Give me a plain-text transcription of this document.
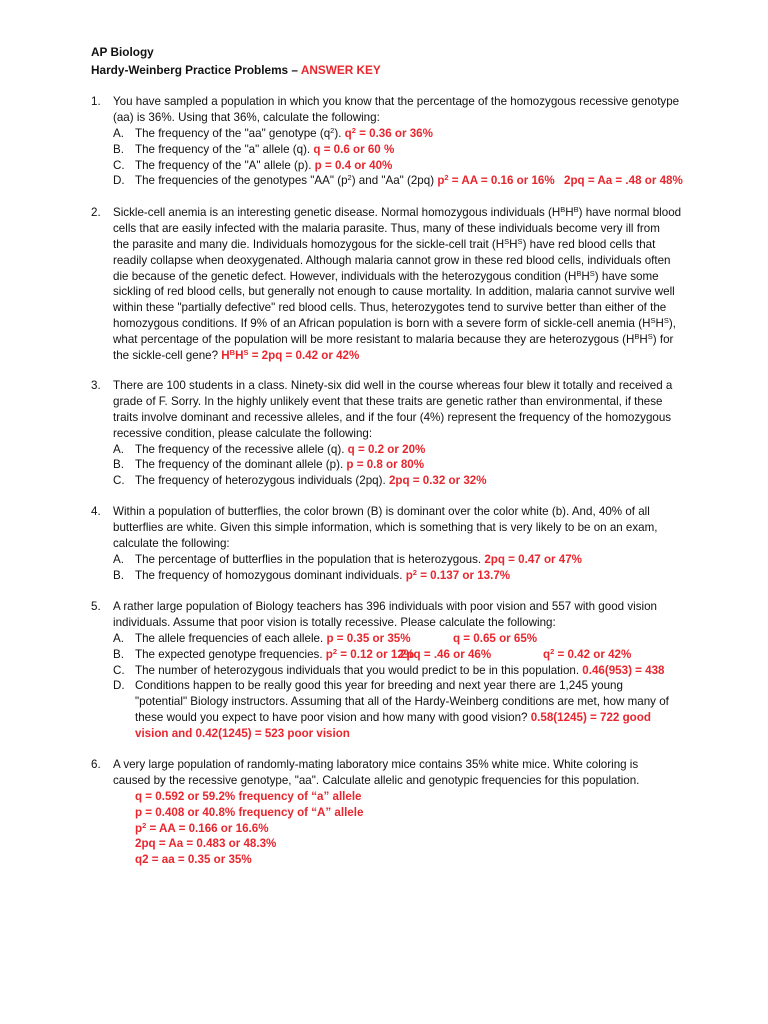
AP Biology
Hardy-Weinberg Practice Problems – ANSWER KEY
1. You have sampled a population in which you know that the percentage of the homozygous recessive genotype
(aa) is 36%. Using that 36%, calculate the following:
A. The frequency of the "aa" genotype $(q^2)$. $q^2 = 0.36$ or 36%
B. The frequency of the "a" allele (q). q = 0.6 or 60 %
C. The frequency of the "A" allele (p). p = 0.4 or 40%
D. The frequencies of the genotypes "AA" $(p^2)$ and "Aa" (2pq) $p^2$ = AA = 0.16 or 16% 2pq = Aa = .48 or 48%
2. Sickle-cell anemia is an interesting genetic disease. Normal homozygous individuals $(H^BH^B)$ have normal blood
cells that are easily infected with the malaria parasite. Thus, many of these individuals become very ill from
the parasite and many die. Individuals homozygous for the sickle-cell trait $(H^SH^S)$ have red blood cells that
readily collapse when deoxygenated. Although malaria cannot grow in these red blood cells, individuals often
die because of the genetic defect. However, individuals with the heterozygous condition $(H^BH^S)$ have some
sickling of red blood cells, but generally not enough to cause mortality. In addition, malaria cannot survive well
within these "partially defective" red blood cells. Thus, heterozygotes tend to survive better than either of the
homozygous conditions. If 9% of an African population is born with a severe form of sickle-cell anemia $(H^SH^S)$,
what percentage of the population will be more resistant to malaria because they are heterozygous $(H^BH^S)$ for
the sickle-cell gene? $H^BH^S = 2pq = 0.42$ or 42%
3. There are 100 students in a class. Ninety-six did well in the course whereas four blew it totally and received a
grade of F. Sorry. In the highly unlikely event that these traits are genetic rather than environmental, if these
traits involve dominant and recessive alleles, and if the four (4%) represent the frequency of the homozygous
recessive condition, please calculate the following:
A. The frequency of the recessive allele (q). q = 0.2 or 20%
B. The frequency of the dominant allele (p). p = 0.8 or 80%
C. The frequency of heterozygous individuals (2pq). 2pq = 0.32 or 32%
4. Within a population of butterflies, the color brown (B) is dominant over the color white (b). And, 40% of all
butterflies are white. Given this simple information, which is something that is very likely to be on an exam,
calculate the following:
A. The percentage of butterflies in the population that is heterozygous. 2pq = 0.47 or 47%
B. The frequency of homozygous dominant individuals. $p^2 = 0.137$ or 13.7%
5. A rather large population of Biology teachers has 396 individuals with poor vision and 557 with good vision
individuals. Assume that poor vision is totally recessive. Please calculate the following:
A. The allele frequencies of each allele. p = 0.35 or 35%	q = 0.65 or 65%
B. The expected genotype frequencies. $p^2 = 0.12$ or 12%
2pq = .46 or 46%	$q^2 = 0.42$ or 42%
C. The number of heterozygous individuals that you would predict to be in this population. 0.46(953) = 438
D. Conditions happen to be really good this year for breeding and next year there are 1,245 young
"potential" Biology instructors. Assuming that all of the Hardy-Weinberg conditions are met, how many of
these would you expect to have poor vision and how many with good vision? 0.58(1245) = 722 good
vision and 0.42(1245) = 523 poor vision
6. A very large population of randomly-mating laboratory mice contains 35% white mice. White coloring is
caused by the recessive genotype, "aa". Calculate allelic and genotypic frequencies for this population.
q = 0.592 or 59.2% frequency of “a” allele
p = 0.408 or 40.8% frequency of “A” allele
$p^2$ = AA = 0.166 or 16.6%
2pq = Aa = 0.483 or 48.3%
q2 = aa = 0.35 or 35%
